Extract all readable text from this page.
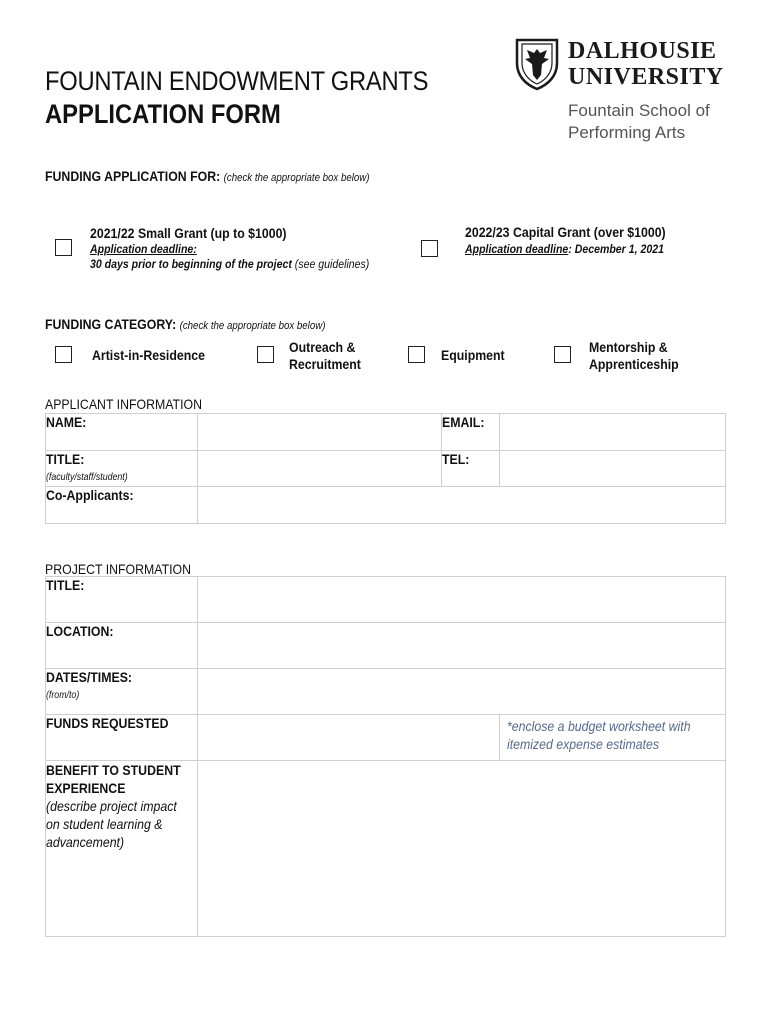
FOUNTAIN ENDOWMENT GRANTS
APPLICATION FORM
DALHOUSIE
UNIVERSITY
Fountain School of
Performing Arts
FUNDING APPLICATION FOR: (check the appropriate box below)
2021/22 Small Grant (up to $1000)
Application deadline:
30 days prior to beginning of the project (see guidelines)
2022/23 Capital Grant (over $1000)
Application deadline: December 1, 2021
FUNDING CATEGORY: (check the appropriate box below)
Artist-in-Residence	Outreach &
Recruitment
Equipment	Mentorship &
Apprenticeship
APPLICANT INFORMATION
NAME:		EMAIL:	
TITLE:
(faculty/staff/student)		TEL:	
Co-Applicants:			
PROJECT INFORMATION
TITLE:		
LOCATION:		
DATES/TIMES:
(from/to)		
FUNDS REQUESTED		*enclose a budget worksheet with
itemized expense estimates

BENEFIT TO STUDENT
EXPERIENCE
(describe project impact
on student learning &
advancement)		
